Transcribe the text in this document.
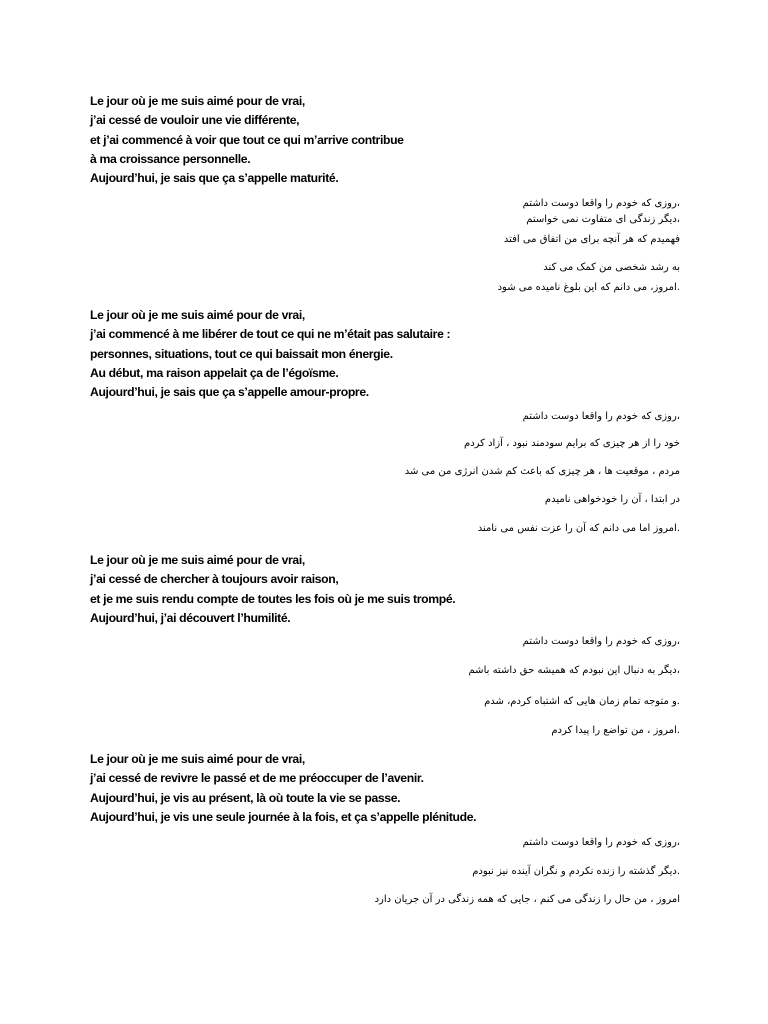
Le jour où je me suis aimé pour de vrai,
j’ai cessé de vouloir une vie différente,
et j’ai commencé à voir que tout ce qui m’arrive contribue
à ma croissance personnelle.
Aujourd’hui, je sais que ça s’appelle maturité.
،روزی که خودم را واقعا دوست داشتم
،دیگر زندگی ای متفاوت نمی خواستم
فهمیدم که هر آنچه برای من اتفاق می افتد
به رشد شخصی من کمک می کند
.امروز، می دانم که این بلوغ نامیده می شود
Le jour où je me suis aimé pour de vrai,
j’ai commencé à me libérer de tout ce qui ne m’était pas salutaire :
personnes, situations, tout ce qui baissait mon énergie.
Au début, ma raison appelait ça de l’égoïsme.
Aujourd’hui, je sais que ça s’appelle amour-propre.
،روزی که خودم را واقعا دوست داشتم
خود را از هر چیزی که برایم سودمند نبود ، آزاد کردم
مردم ، موقعیت ها ، هر چیزی که باعث کم شدن انرژی من می شد
در ابتدا ، آن را خودخواهی نامیدم
.امروز اما می دانم که آن را عزت نفس می نامند
Le jour où je me suis aimé pour de vrai,
j’ai cessé de chercher à toujours avoir raison,
et je me suis rendu compte de toutes les fois où je me suis trompé.
Aujourd’hui, j’ai découvert l’humilité.
،روزی که خودم را واقعا دوست داشتم
،دیگر به دنبال این نبودم که همیشه حق داشته باشم
.و متوجه تمام زمان هایی که اشتباه کردم، شدم
.امروز ، من تواضع را پیدا کردم
Le jour où je me suis aimé pour de vrai,
j’ai cessé de revivre le passé et de me préoccuper de l’avenir.
Aujourd’hui, je vis au présent, là où toute la vie se passe.
Aujourd’hui, je vis une seule journée à la fois, et ça s’appelle plénitude.
،روزی که خودم را واقعا دوست داشتم
.دیگر گذشته را زنده نکردم و نگران آینده نیز نبودم
امروز ، من حال را زندگی می کنم ، جایی که همه زندگی در آن جریان دارد
